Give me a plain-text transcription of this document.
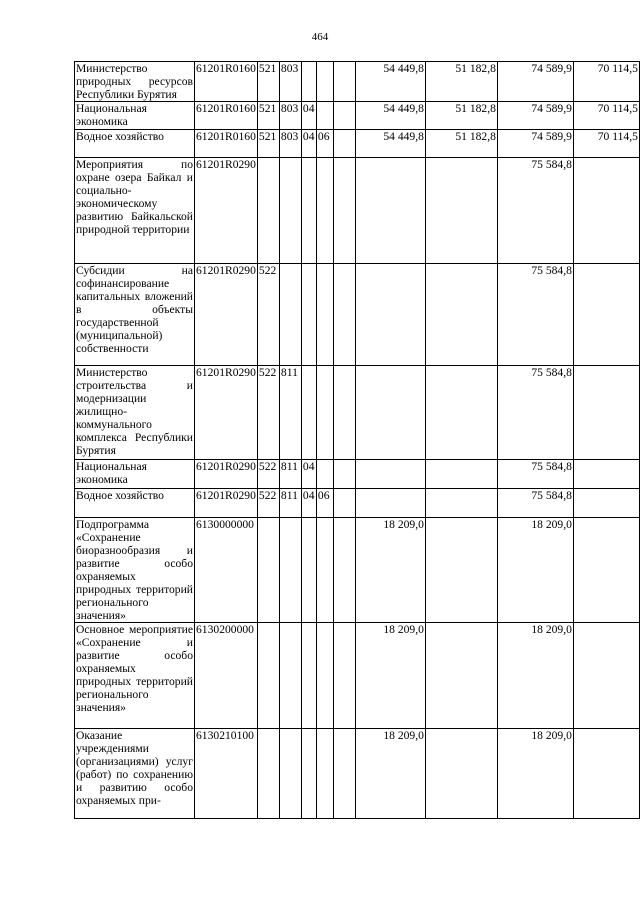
464
Министерство природных ресурсов Республики Бурятия	61201R0160	521	803				54 449,8	51 182,8	74 589,9	70 114,5
Национальная экономика	61201R0160	521	803	04			54 449,8	51 182,8	74 589,9	70 114,5
Водное хозяйство	61201R0160	521	803	04	06		54 449,8	51 182,8	74 589,9	70 114,5
Мероприятия по охране озера Байкал и социально-экономическому развитию Байкальской природной территории	61201R0290								75 584,8	
Субсидии на софинансирование капитальных вложений в объекты государственной (муниципальной) собственности	61201R0290	522							75 584,8	
Министерство строительства и модернизации жилищно-коммунального комплекса Республики Бурятия	61201R0290	522	811						75 584,8	
Национальная экономика	61201R0290	522	811	04					75 584,8	
Водное хозяйство	61201R0290	522	811	04	06				75 584,8	
Подпрограмма «Сохранение биоразнообразия и развитие особо охраняемых природных территорий регионального значения»	6130000000						18 209,0		18 209,0	
Основное мероприятие «Сохранение и развитие особо охраняемых природных территорий регионального значения»	6130200000						18 209,0		18 209,0	
Оказание учреждениями (организациями) услуг (работ) по сохранению и развитию особо охраняемых при-	6130210100						18 209,0		18 209,0	
